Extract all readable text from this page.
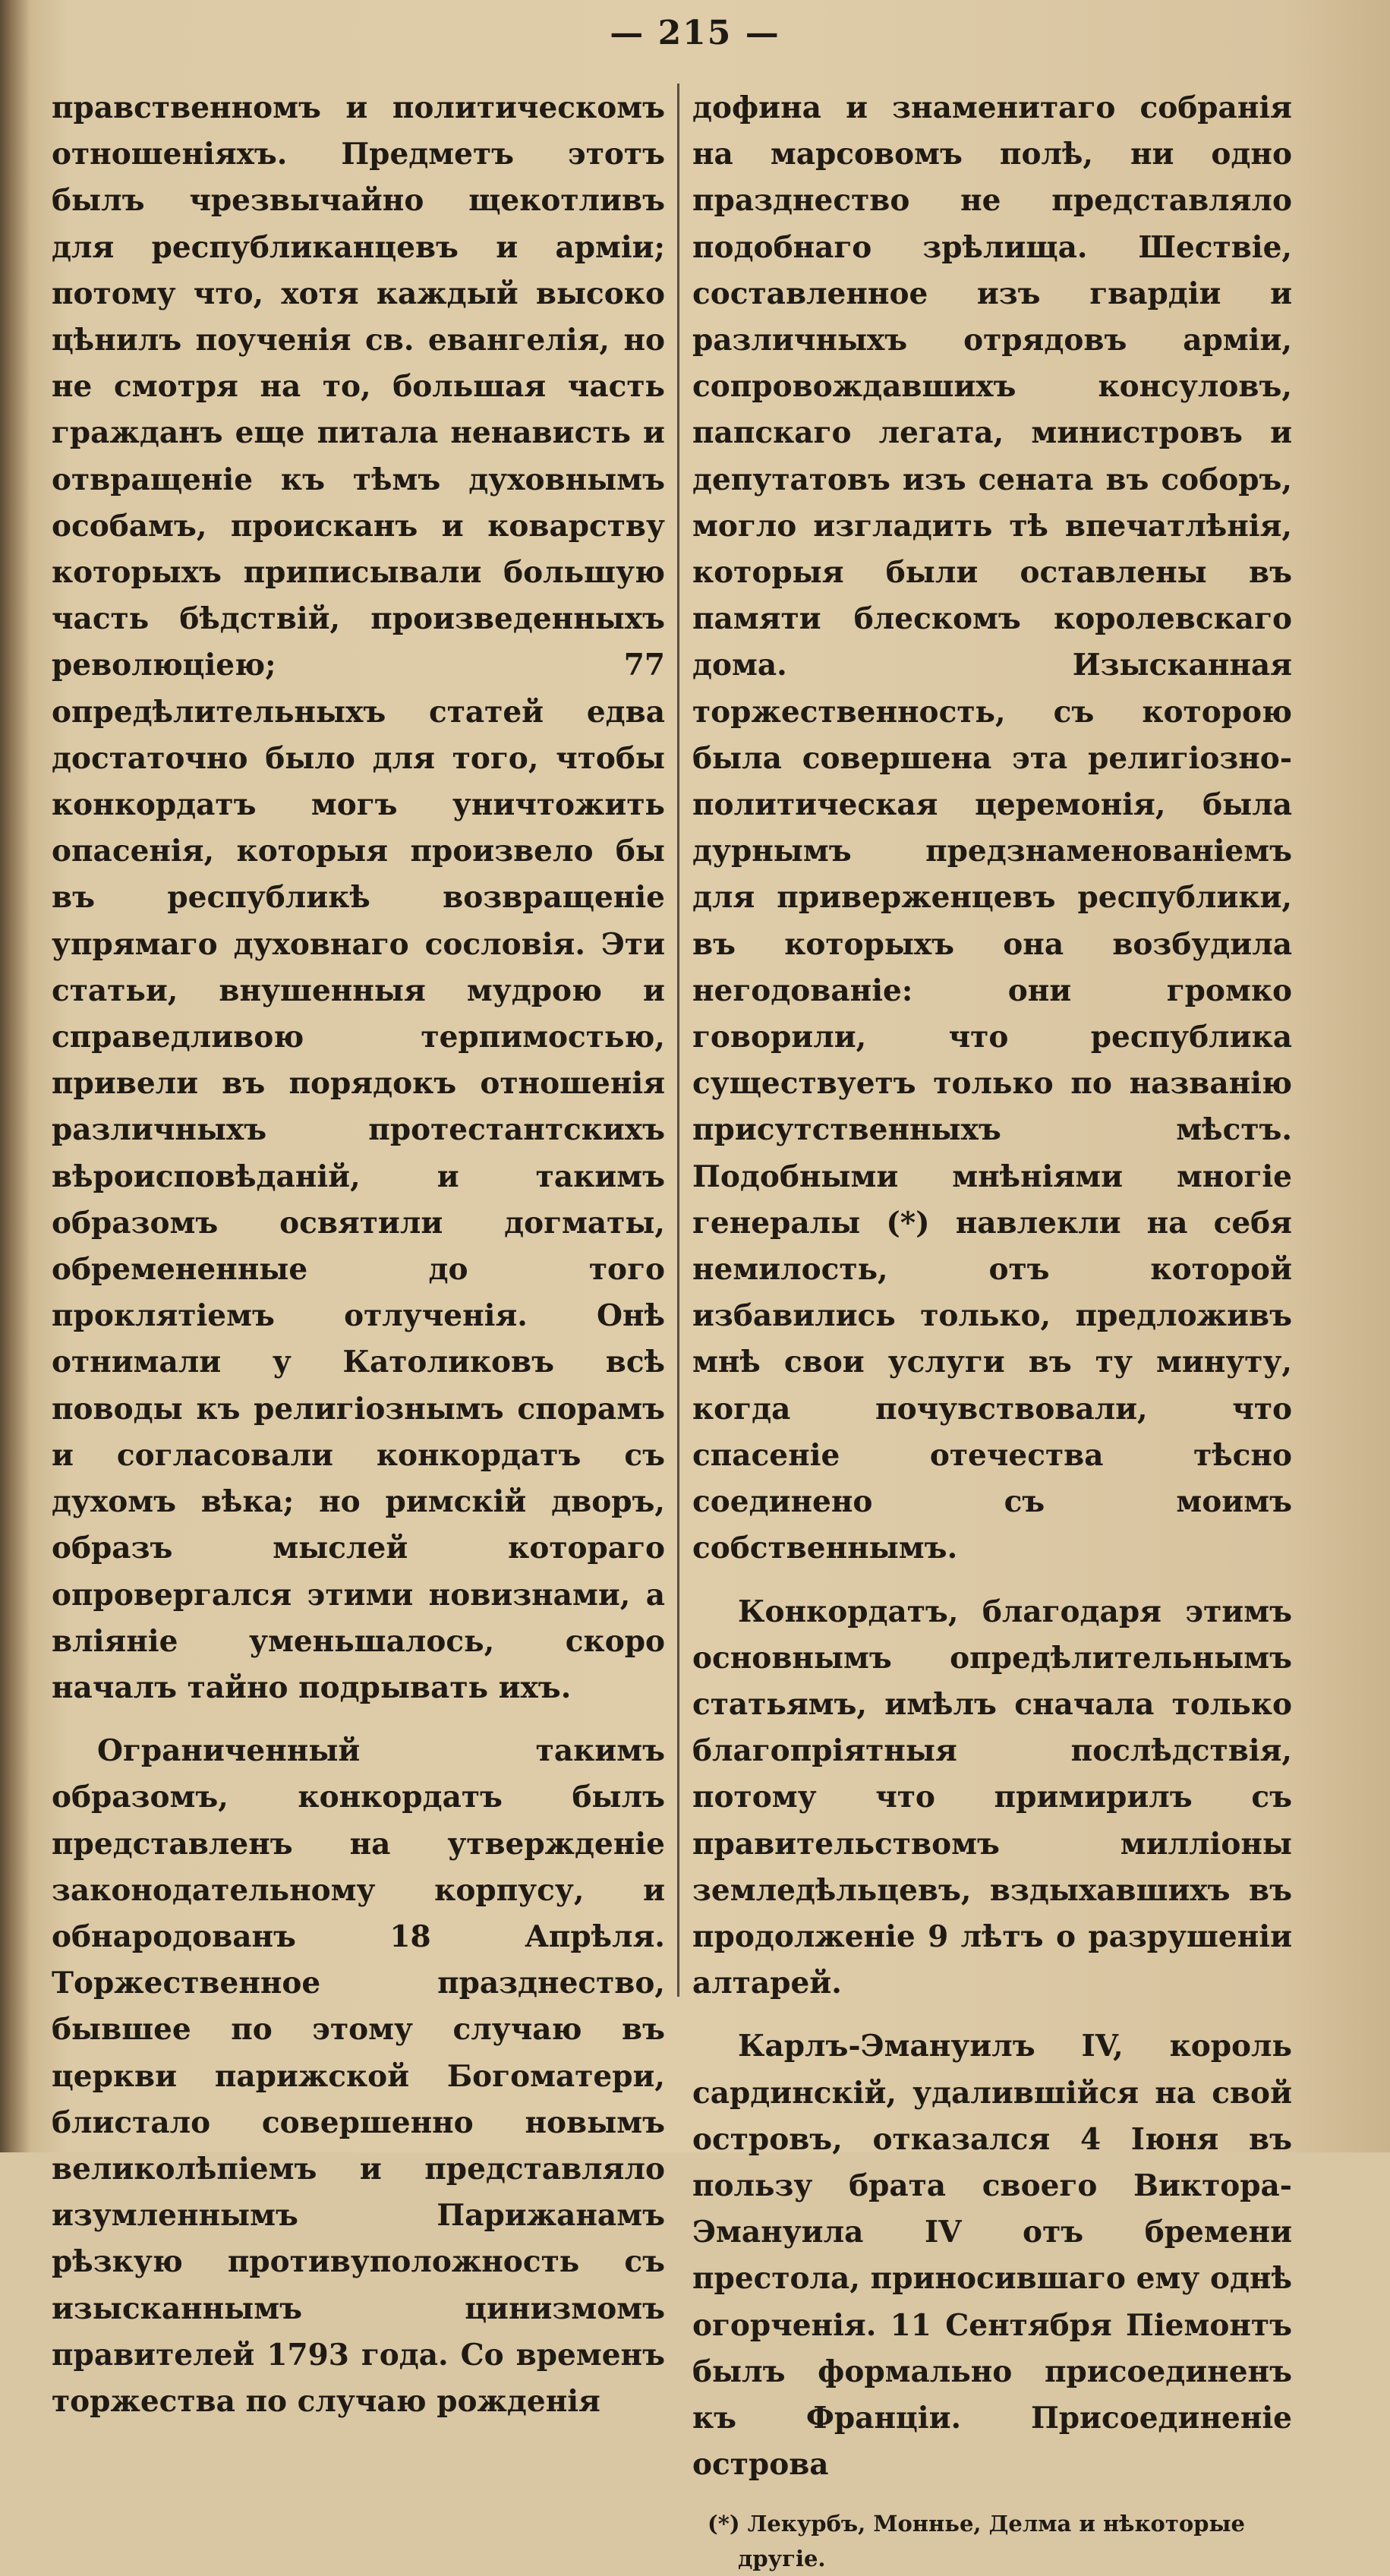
— 215 —

правственномъ и политическомъ отношеніяхъ. Предметъ этотъ былъ чрезвычайно щекотливъ для республиканцевъ и арміи; потому что, хотя каждый высоко цѣнилъ поученія св. евангелія, но не смотря на то, большая часть гражданъ еще питала ненависть и отвращеніе къ тѣмъ духовнымъ особамъ, происканъ и коварству которыхъ приписывали большую часть бѣдствій, произведенныхъ революціею; 77 опредѣлительныхъ статей едва достаточно было для того, чтобы конкордатъ могъ уничтожить опасенія, которыя произвело бы въ республикѣ возвращеніе упрямаго духовнаго сословія. Эти статьи, внушенныя мудрою и справедливою терпимостью, привели въ порядокъ отношенія различныхъ протестантскихъ вѣроисповѣданій, и такимъ образомъ освятили догматы, обремененные до того проклятіемъ отлученія. Онѣ отнимали у Католиковъ всѣ поводы къ религіознымъ спорамъ и согласовали конкордатъ съ духомъ вѣка; но римскій дворъ, образъ мыслей котораго опровергался этими новизнами, а вліяніе уменьшалось, скоро началъ тайно подрывать ихъ.

Ограниченный такимъ образомъ, конкордатъ былъ представленъ на утвержденіе законодательному корпусу, и обнародованъ 18 Апрѣля. Торжественное празднество, бывшее по этому случаю въ церкви парижской Богоматери, блистало совершенно новымъ великолѣпіемъ и представляло изумленнымъ Парижанамъ рѣзкую противуположность съ изысканнымъ цинизмомъ правителей 1793 года. Со временъ торжества по случаю рожденія

дофина и знаменитаго собранія на марсовомъ полѣ, ни одно празднество не представляло подобнаго зрѣлища. Шествіе, составленное изъ гвардіи и различныхъ отрядовъ арміи, сопровождавшихъ консуловъ, папскаго легата, министровъ и депутатовъ изъ сената въ соборъ, могло изгладить тѣ впечатлѣнія, которыя были оставлены въ памяти блескомъ королевскаго дома. Изысканная торжественность, съ которою была совершена эта религіозно-политическая церемонія, была дурнымъ предзнаменованіемъ для приверженцевъ республики, въ которыхъ она возбудила негодованіе: они громко говорили, что республика существуетъ только по названію присутственныхъ мѣстъ. Подобными мнѣніями многіе генералы (*) навлекли на себя немилость, отъ которой избавились только, предложивъ мнѣ свои услуги въ ту минуту, когда почувствовали, что спасеніе отечества тѣсно соединено съ моимъ собственнымъ.

Конкордатъ, благодаря этимъ основнымъ опредѣлительнымъ статьямъ, имѣлъ сначала только благопріятныя послѣдствія, потому что примирилъ съ правительствомъ милліоны земледѣльцевъ, вздыхавшихъ въ продолженіе 9 лѣтъ о разрушеніи алтарей.

Карлъ-Эмануилъ IV, король сардинскій, удалившійся на свой островъ, отказался 4 Іюня въ пользу брата своего Виктора-Эмануила IV отъ бремени престола, приносившаго ему однѣ огорченія. 11 Сентября Піемонтъ былъ формально присоединенъ къ Франціи. Присоединеніе острова

(*) Лекурбъ, Моннье, Делма и нѣкоторые
другіе.
